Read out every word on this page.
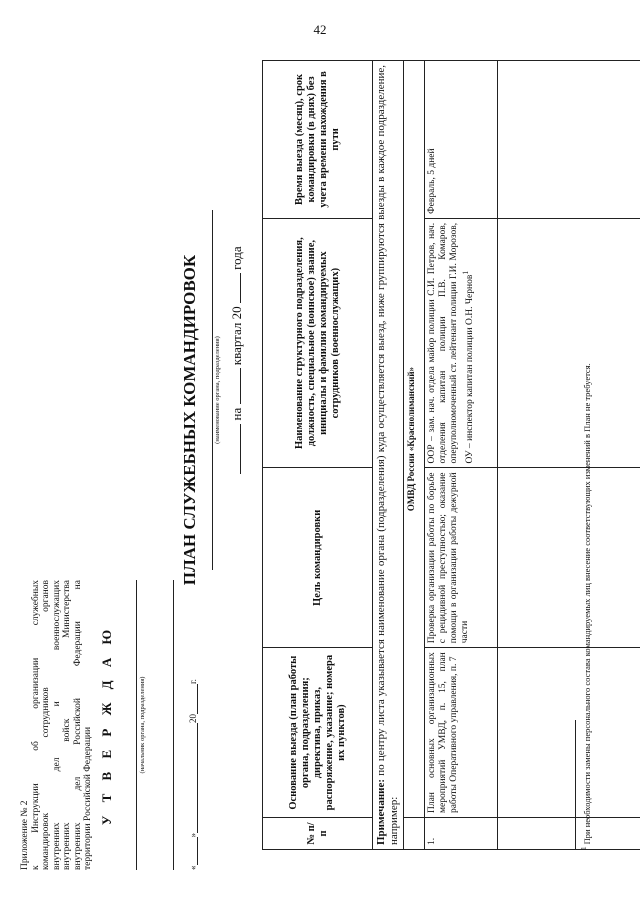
42
Приложение № 2 к Инструкции об организации служебных командировок сотрудников органов внутренних дел и военнослужащих внутренних войск Министерства внутренних дел Российской Федерации на территории Российской Федерации У Т В Е Р Ж Д А Ю	(начальник органа, подразделения)
«
»
20
г.
ПЛАН СЛУЖЕБНЫХ КОМАНДИРОВОК (наименование органа, подразделения) на  квартал 20  года
№ п/п	Основание выезда (план работы органа, подразделения; директива, приказ, распоряжение, указание; номера их пунктов)	Цель командировки	Наименование структурного подразделения, должность, специальное (воинское) звание, инициалы и фамилия командируемых сотрудников (военнослужащих)	Время выезда (месяц), срок командировки (в днях) без учета времени нахождения в пути
Примечание: по центру листа указывается наименование органа (подразделения) куда осуществляется выезд, ниже группируются выезды в каждое подразделение, например:				
	ОМВД России «Краснолиманский»			
1.	План основных организационных мероприятий УМВД, п. 15, план работы Оперативного управления, п. 7	Проверка организации работы по борьбе с рецидивной преступностью; оказание помощи в организации работы дежурной части	ООР – зам. нач. отдела майор полиции С.И. Петров, нач. отделения капитан полиции П.В. Комаров, оперуполномоченный ст. лейтенант полиции Г.И. Морозов, ОУ – инспектор капитан полиции О.Н. Чернов$^1$	Февраль, 5 дней

$^1$ При необходимости замены персонального состава командируемых лиц внесение соответствующих изменений в План не требуется.
